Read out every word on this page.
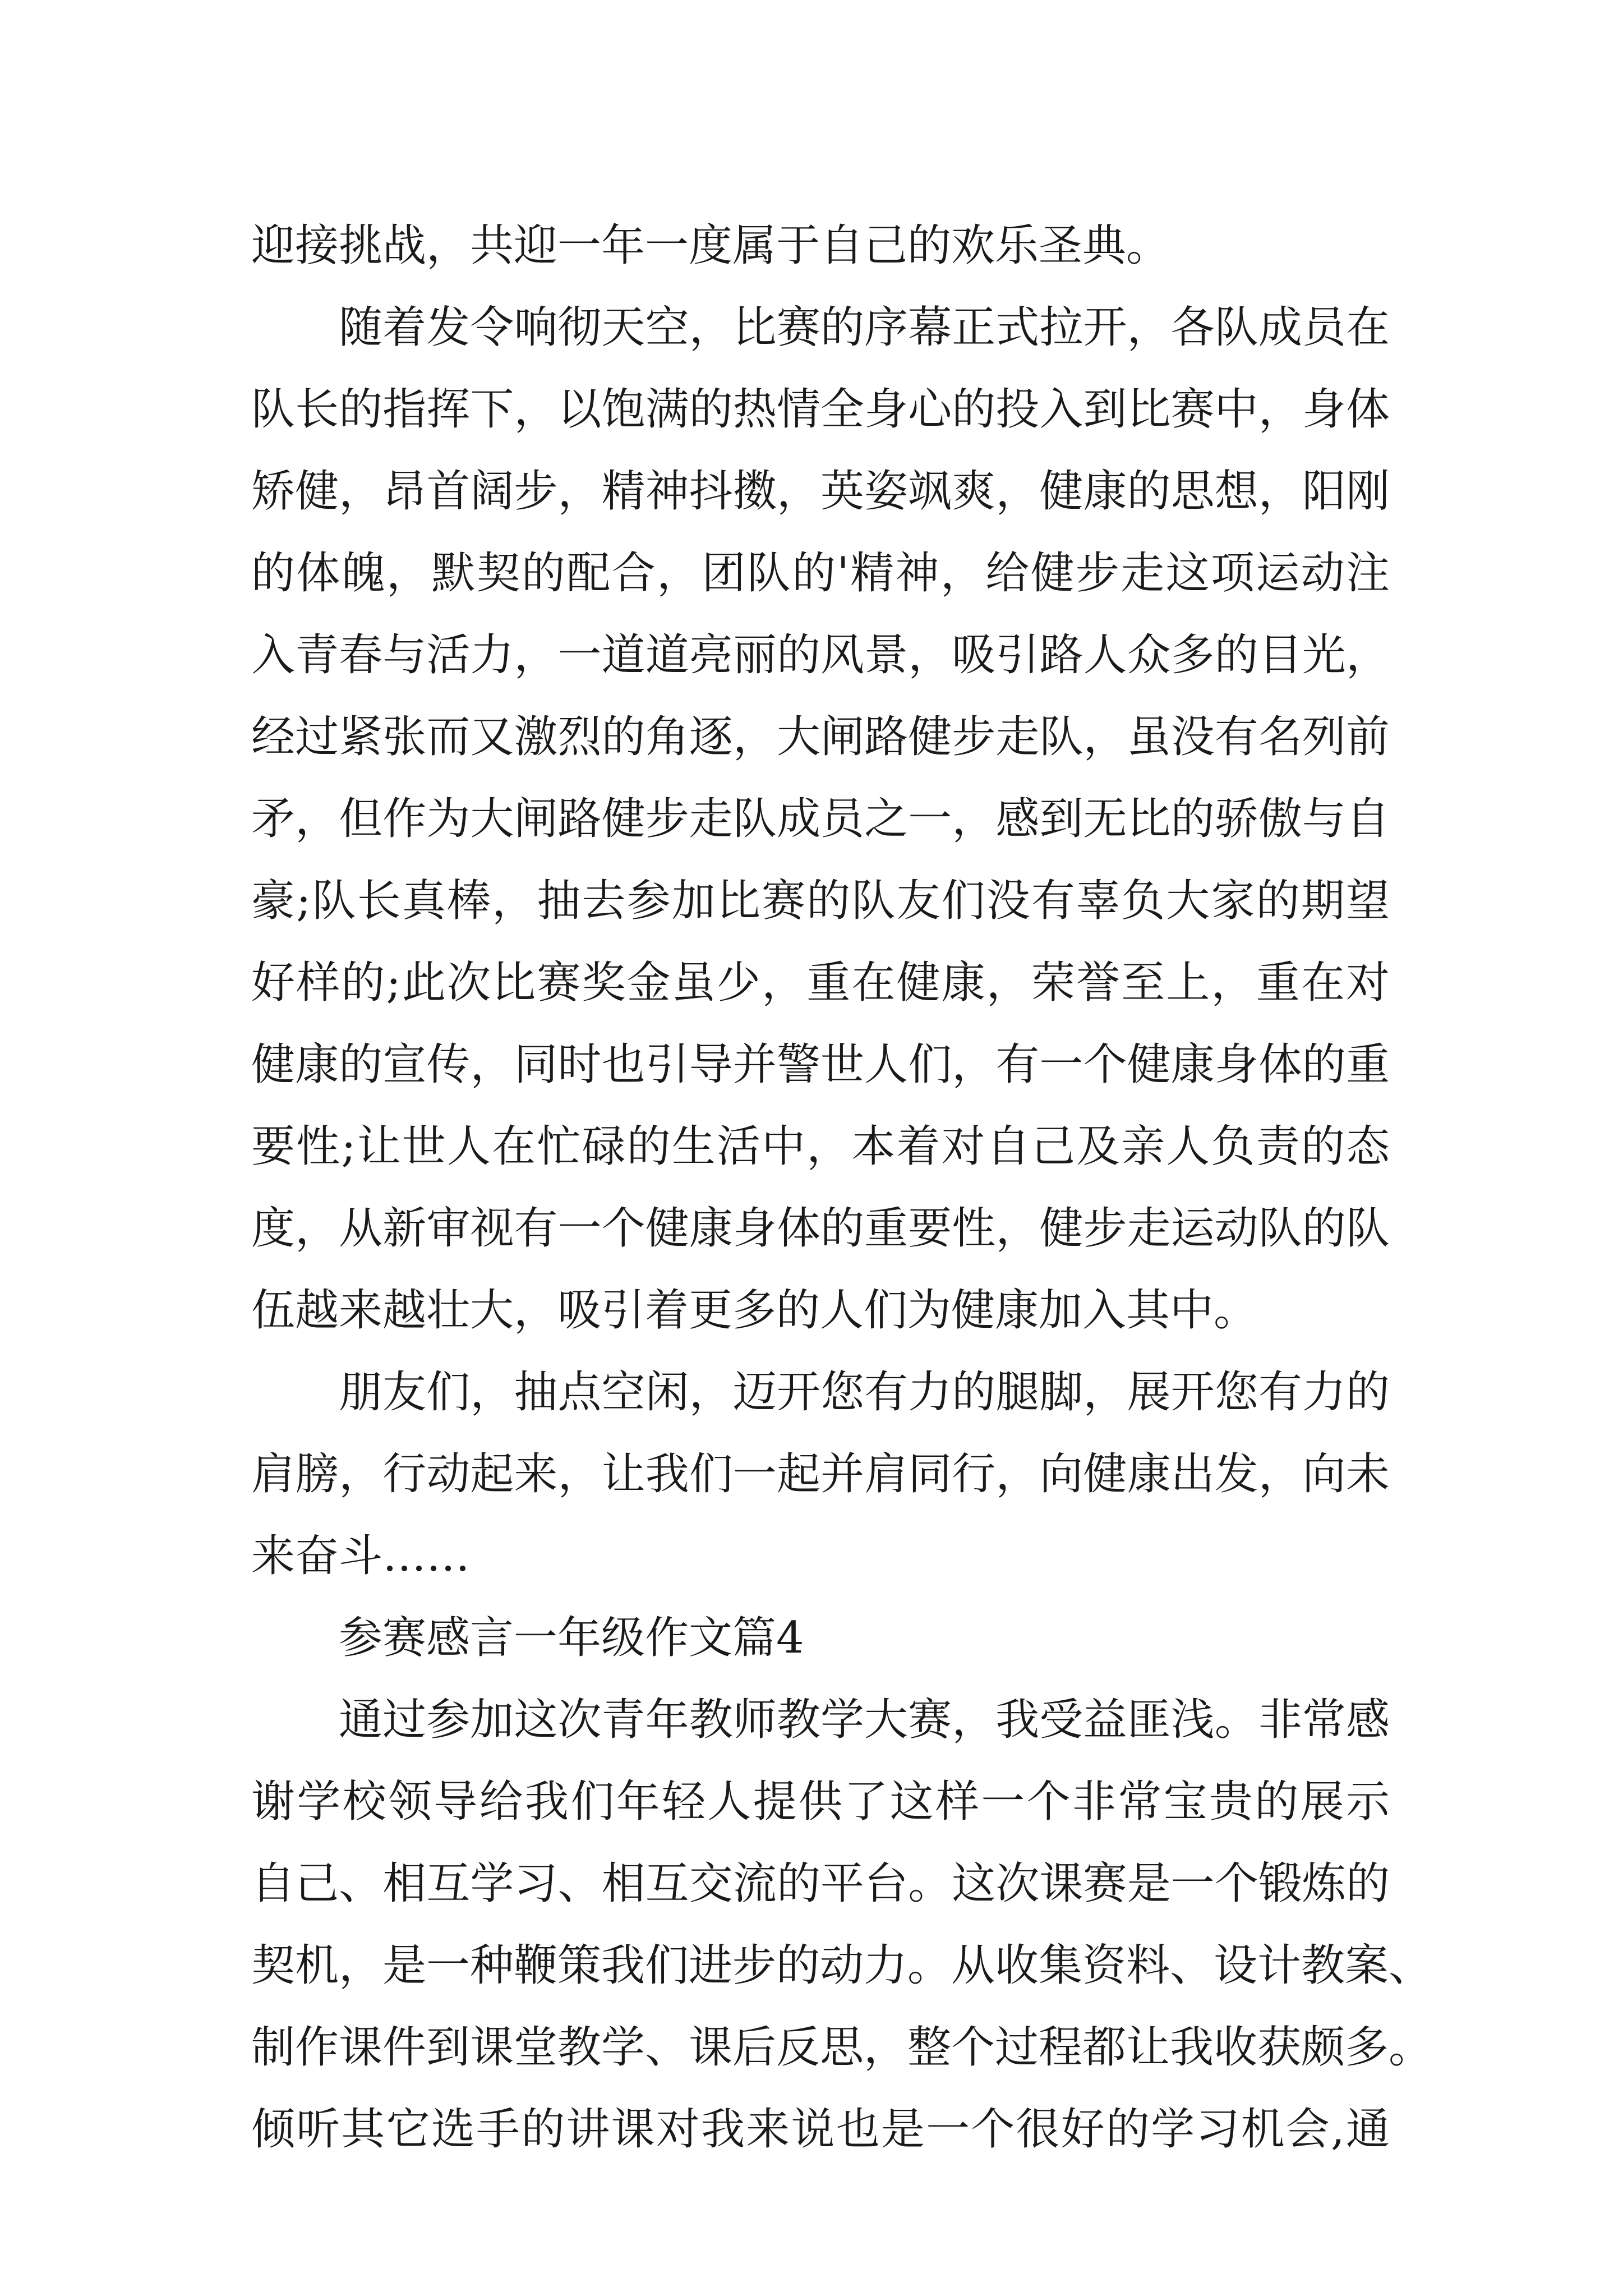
迎接挑战，共迎一年一度属于自己的欢乐圣典。
随着发令响彻天空，比赛的序幕正式拉开，各队成员在
队长的指挥下，以饱满的热情全身心的投入到比赛中，身体
矫健，昂首阔步，精神抖擞，英姿飒爽，健康的思想，阳刚
的体魄，默契的配合，团队的'精神，给健步走这项运动注
入青春与活力，一道道亮丽的风景，吸引路人众多的目光，
经过紧张而又激烈的角逐，大闸路健步走队，虽没有名列前
矛，但作为大闸路健步走队成员之一，感到无比的骄傲与自
豪;队长真棒，抽去参加比赛的队友们没有辜负大家的期望
好样的;此次比赛奖金虽少，重在健康，荣誉至上，重在对
健康的宣传，同时也引导并警世人们，有一个健康身体的重
要性;让世人在忙碌的生活中，本着对自己及亲人负责的态
度，从新审视有一个健康身体的重要性，健步走运动队的队
伍越来越壮大，吸引着更多的人们为健康加入其中。
朋友们，抽点空闲，迈开您有力的腿脚，展开您有力的
肩膀，行动起来，让我们一起并肩同行，向健康出发，向未
来奋斗……
参赛感言一年级作文篇4
通过参加这次青年教师教学大赛，我受益匪浅。非常感
谢学校领导给我们年轻人提供了这样一个非常宝贵的展示
自己、相互学习、相互交流的平台。这次课赛是一个锻炼的
契机，是一种鞭策我们进步的动力。从收集资料、设计教案、
制作课件到课堂教学、课后反思，整个过程都让我收获颇多。
倾听其它选手的讲课对我来说也是一个很好的学习机会,通
